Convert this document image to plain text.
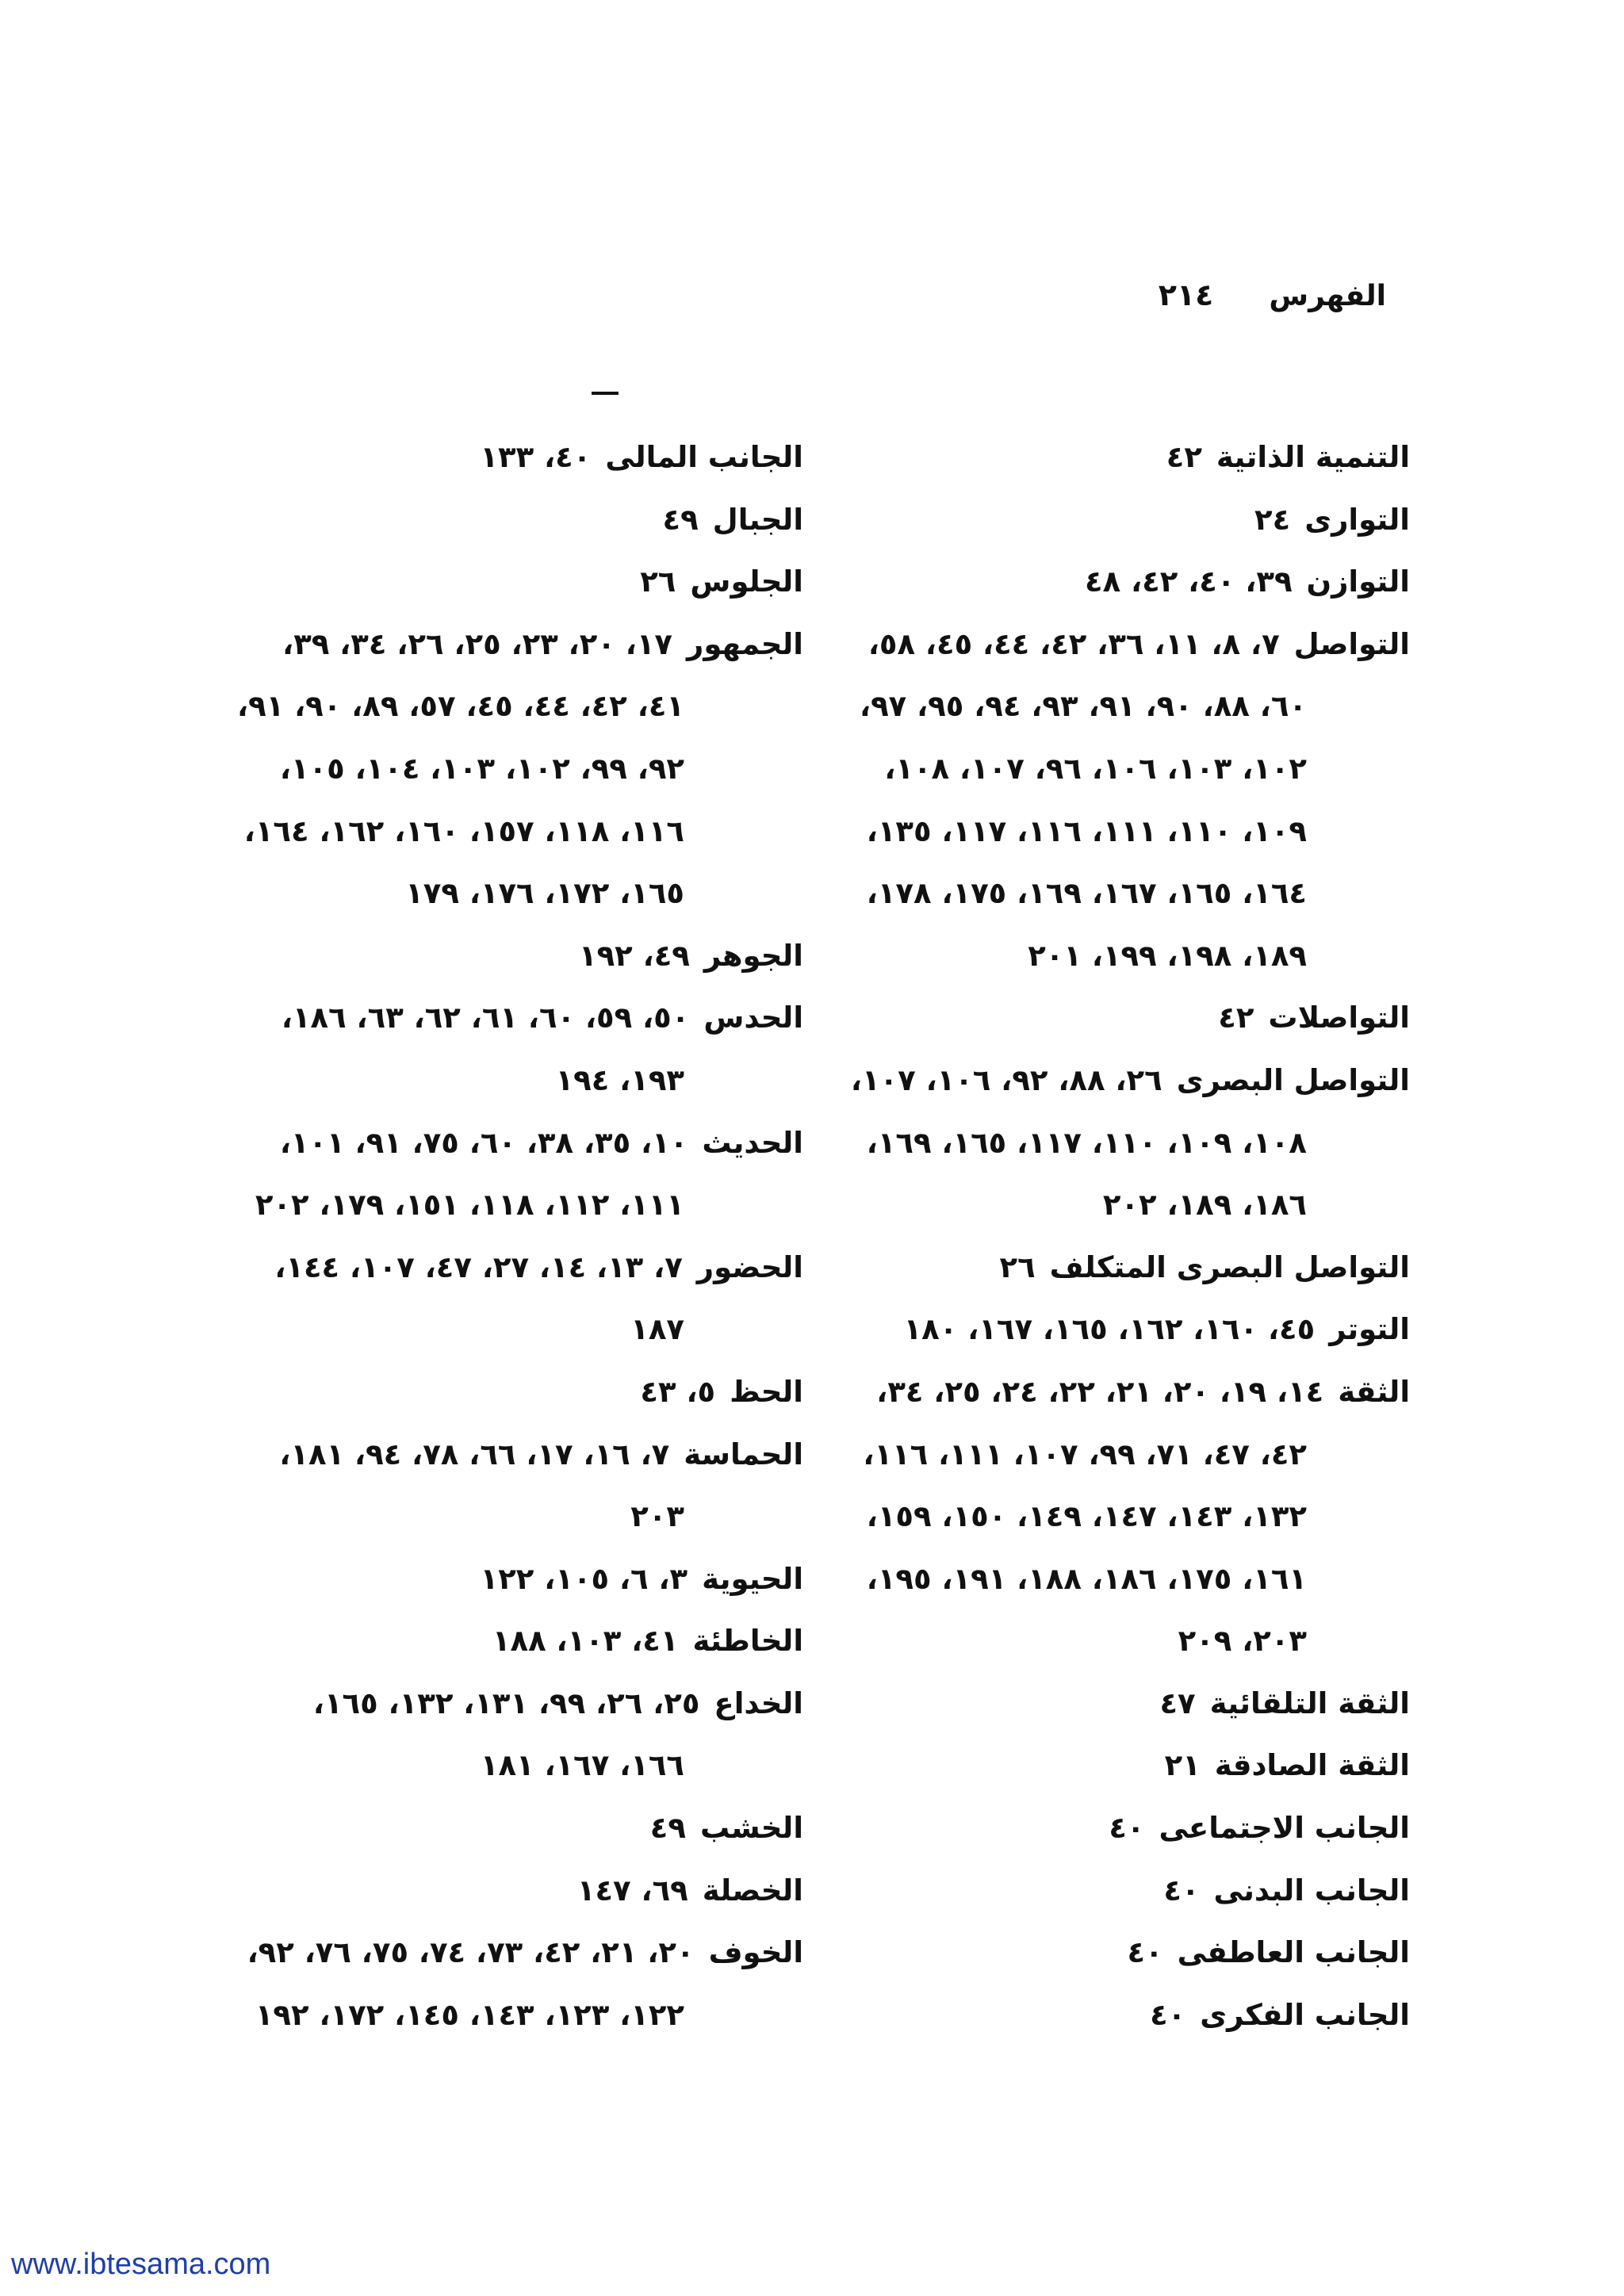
٢١٤ الفهرس
التنمية الذاتية٤٢
التوارى٢٤
التوازن٣٩، ٤٠، ٤٢، ٤٨
التواصل٧، ٨، ١١، ٣٦، ٤٢، ٤٤، ٤٥، ٥٨،
٦٠، ٨٨، ٩٠، ٩١، ٩٣، ٩٤، ٩٥، ٩٧،
١٠٢، ١٠٣، ١٠٦، ٩٦، ١٠٧، ١٠٨،
١٠٩، ١١٠، ١١١، ١١٦، ١١٧، ١٣٥،
١٦٤، ١٦٥، ١٦٧، ١٦٩، ١٧٥، ١٧٨،
١٨٩، ١٩٨، ١٩٩، ٢٠١
التواصلات٤٢
التواصل البصرى٢٦، ٨٨، ٩٢، ١٠٦، ١٠٧،
١٠٨، ١٠٩، ١١٠، ١١٧، ١٦٥، ١٦٩،
١٨٦، ١٨٩، ٢٠٢
التواصل البصرى المتكلف٢٦
التوتر٤٥، ١٦٠، ١٦٢، ١٦٥، ١٦٧، ١٨٠
الثقة١٤، ١٩، ٢٠، ٢١، ٢٢، ٢٤، ٢٥، ٣٤،
٤٢، ٤٧، ٧١، ٩٩، ١٠٧، ١١١، ١١٦،
١٣٢، ١٤٣، ١٤٧، ١٤٩، ١٥٠، ١٥٩،
١٦١، ١٧٥، ١٨٦، ١٨٨، ١٩١، ١٩٥،
٢٠٣، ٢٠٩
الثقة التلقائية٤٧
الثقة الصادقة٢١
الجانب الاجتماعى٤٠
الجانب البدنى٤٠
الجانب العاطفى٤٠
الجانب الفكرى٤٠
الجانب المالى٤٠، ١٣٣
الجبال٤٩
الجلوس٢٦
الجمهور١٧، ٢٠، ٢٣، ٢٥، ٢٦، ٣٤، ٣٩،
٤١، ٤٢، ٤٤، ٤٥، ٥٧، ٨٩، ٩٠، ٩١،
٩٢، ٩٩، ١٠٢، ١٠٣، ١٠٤، ١٠٥،
١١٦، ١١٨، ١٥٧، ١٦٠، ١٦٢، ١٦٤،
١٦٥، ١٧٢، ١٧٦، ١٧٩
الجوهر٤٩، ١٩٢
الحدس٥٠، ٥٩، ٦٠، ٦١، ٦٢، ٦٣، ١٨٦،
١٩٣، ١٩٤
الحديث١٠، ٣٥، ٣٨، ٦٠، ٧٥، ٩١، ١٠١،
١١١، ١١٢، ١١٨، ١٥١، ١٧٩، ٢٠٢
الحضور٧، ١٣، ١٤، ٢٧، ٤٧، ١٠٧، ١٤٤،
١٨٧
الحظ٥، ٤٣
الحماسة٧، ١٦، ١٧، ٦٦، ٧٨، ٩٤، ١٨١،
٢٠٣
الحيوية٣، ٦، ١٠٥، ١٢٢
الخاطئة٤١، ١٠٣، ١٨٨
الخداع٢٥، ٢٦، ٩٩، ١٣١، ١٣٢، ١٦٥،
١٦٦، ١٦٧، ١٨١
الخشب٤٩
الخصلة٦٩، ١٤٧
الخوف٢٠، ٢١، ٤٢، ٧٣، ٧٤، ٧٥، ٧٦، ٩٢،
١٢٢، ١٢٣، ١٤٣، ١٤٥، ١٧٢، ١٩٢
www.ibtesama.com
